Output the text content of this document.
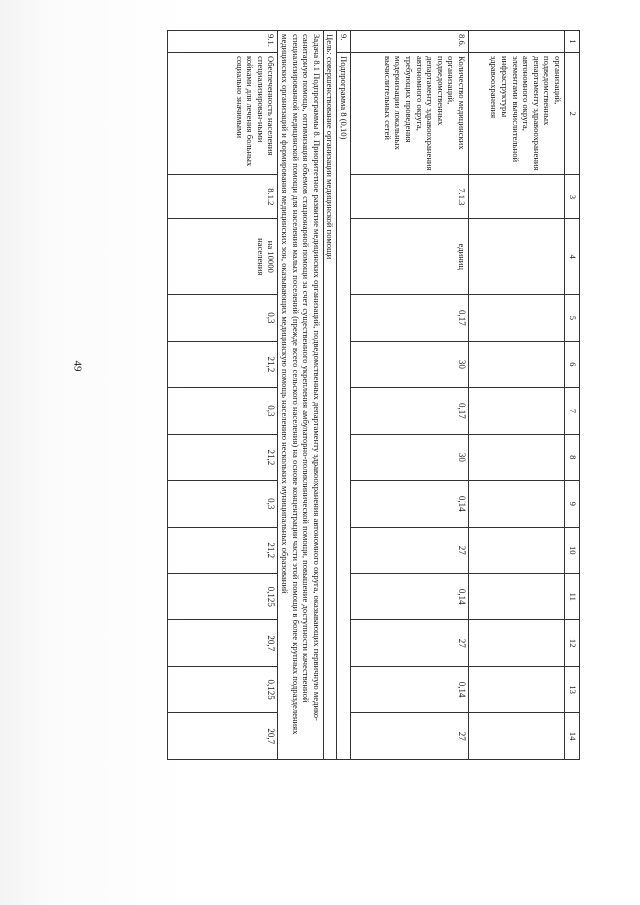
49
1	2	3	4	5	6	7	8	9	10	11	12	13	14
	организаций, подведомственных департаменту здравоохранения автономного округа, элементами вычислительной инфраструктуры здравоохранения												
8.6.	Количество медицинских организаций, подведомственных департаменту здравоохранения автономного округа, требующих проведения модернизации локальных вычислительных сетей	7.1.3	единиц	0,17	30	0,17	30	0,14	27	0,14	27	0,14	27
9.	Подпрограмма 8 (0,10)												
Цель: совершенствование организации медицинской помощи													
Задача 8.1 Подпрограммы 8. Приоритетное развитие медицинских организаций, подведомственных департаменту здравоохранения автономного округа, оказывающих первичную медико-санитарную помощь, оптимизация объемов стационарной помощи за счет существенного укрепления амбулаторно-поликлинической помощи, повышение доступности качественной специализированной медицинской помощи для населения малых поселений (прежде всего сельского населения) на основе концентрации части этой помощи в более крупных подразделениях медицинских организаций и формирования медицинских зон, оказывающих медицинскую помощь населению нескольких муниципальных образований													
9.1.	Обеспеченность населения специализирован-ными койками для лечения больных социально значимыми	8.1.2	на 10000 населения	0,3	21,2	0,3	21,2	0,3	21,2	0,125	20,7	0,125	20,7
